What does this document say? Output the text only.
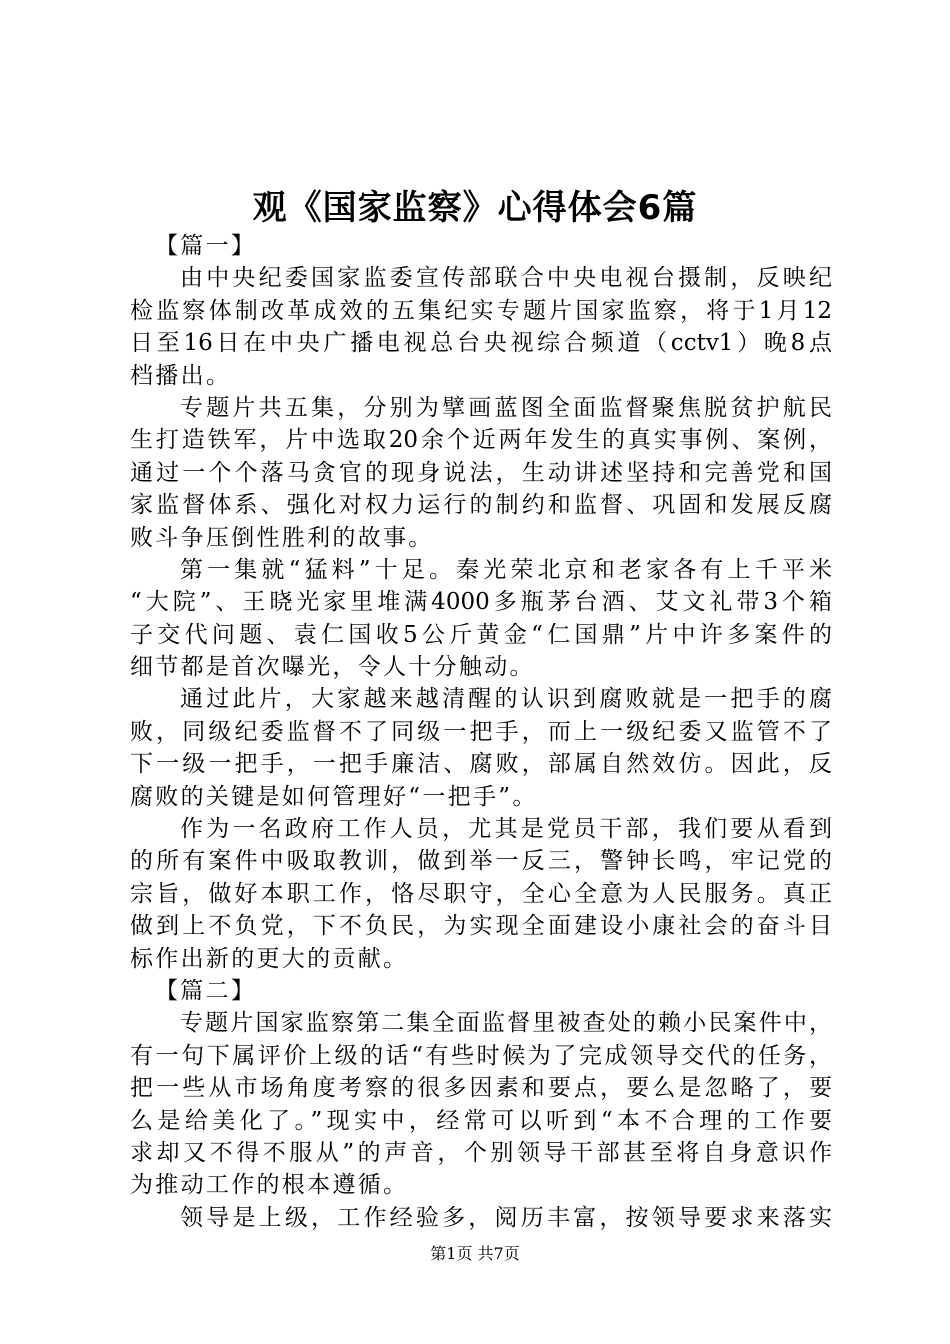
观《国家监察》心得体会6篇
【篇一】
由中央纪委国家监委宣传部联合中央电视台摄制，反映纪
检监察体制改革成效的五集纪实专题片国家监察，将于1月12
日至16日在中央广播电视总台央视综合频道（cctv1）晚8点
档播出。
专题片共五集，分别为擘画蓝图全面监督聚焦脱贫护航民
生打造铁军，片中选取20余个近两年发生的真实事例、案例，
通过一个个落马贪官的现身说法，生动讲述坚持和完善党和国
家监督体系、强化对权力运行的制约和监督、巩固和发展反腐
败斗争压倒性胜利的故事。
第一集就“猛料”十足。秦光荣北京和老家各有上千平米
“大院”、王晓光家里堆满4000多瓶茅台酒、艾文礼带3个箱
子交代问题、袁仁国收5公斤黄金“仁国鼎”片中许多案件的
细节都是首次曝光，令人十分触动。
通过此片，大家越来越清醒的认识到腐败就是一把手的腐
败，同级纪委监督不了同级一把手，而上一级纪委又监管不了
下一级一把手，一把手廉洁、腐败，部属自然效仿。因此，反
腐败的关键是如何管理好“一把手”。
作为一名政府工作人员，尤其是党员干部，我们要从看到
的所有案件中吸取教训，做到举一反三，警钟长鸣，牢记党的
宗旨，做好本职工作，恪尽职守，全心全意为人民服务。真正
做到上不负党，下不负民，为实现全面建设小康社会的奋斗目
标作出新的更大的贡献。
【篇二】
专题片国家监察第二集全面监督里被查处的赖小民案件中，
有一句下属评价上级的话“有些时候为了完成领导交代的任务，
把一些从市场角度考察的很多因素和要点，要么是忽略了，要
么是给美化了。”现实中，经常可以听到“本不合理的工作要
求却又不得不服从”的声音，个别领导干部甚至将自身意识作
为推动工作的根本遵循。
领导是上级，工作经验多，阅历丰富，按领导要求来落实
第1页 共7页
